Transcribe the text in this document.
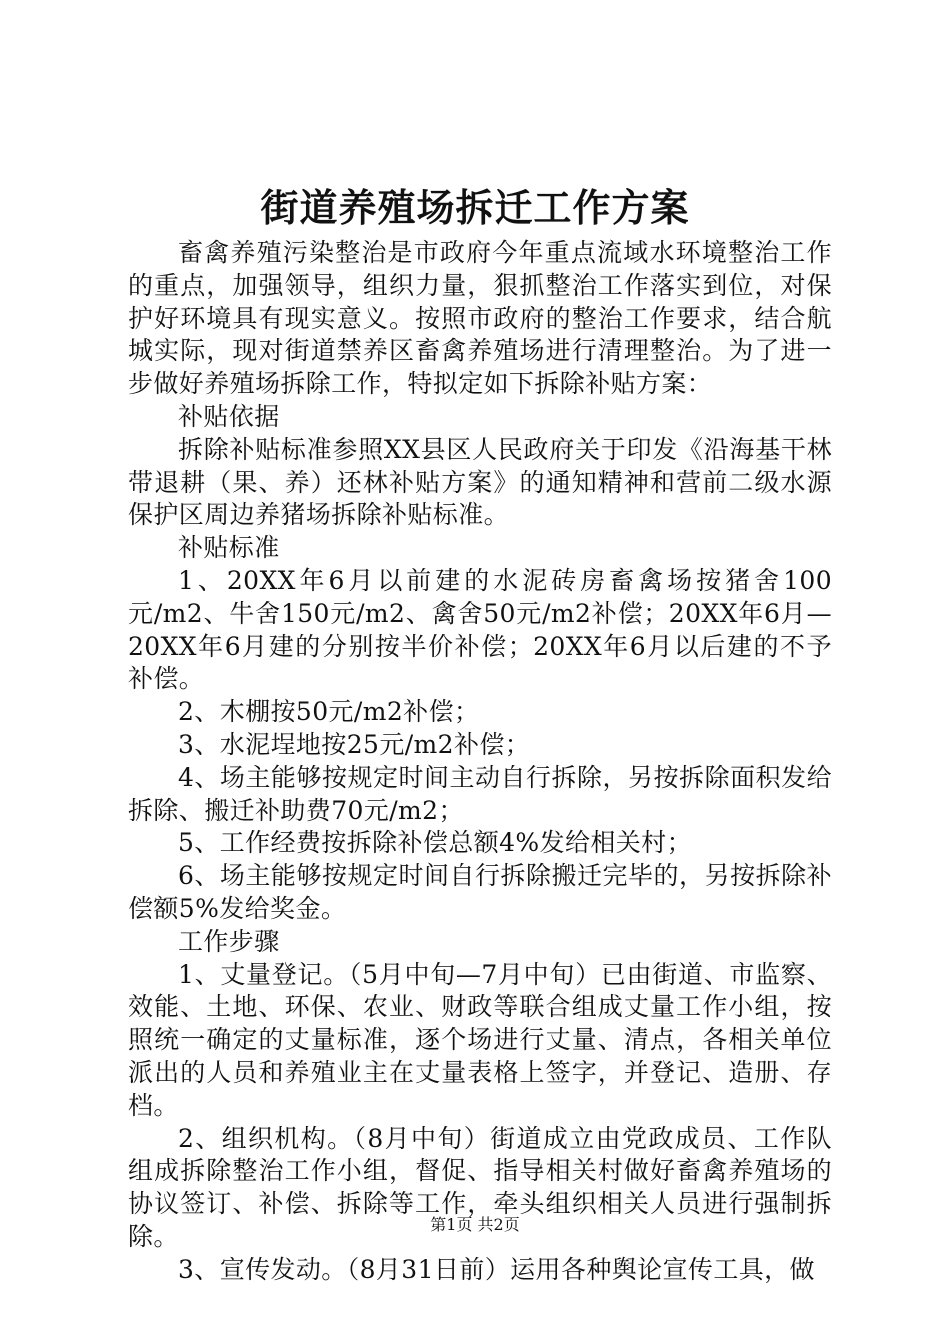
街道养殖场拆迁工作方案

畜禽养殖污染整治是市政府今年重点流域水环境整治工作的重点，加强领导，组织力量，狠抓整治工作落实到位，对保护好环境具有现实意义。按照市政府的整治工作要求，结合航城实际，现对街道禁养区畜禽养殖场进行清理整治。为了进一步做好养殖场拆除工作，特拟定如下拆除补贴方案：

补贴依据

拆除补贴标准参照XX县区人民政府关于印发《沿海基干林带退耕（果、养）还林补贴方案》的通知精神和营前二级水源保护区周边养猪场拆除补贴标准。

补贴标准

1、20XX年6月以前建的水泥砖房畜禽场按猪舍100元/m2、牛舍150元/m2、禽舍50元/m2补偿；20XX年6月—20XX年6月建的分别按半价补偿；20XX年6月以后建的不予补偿。

2、木棚按50元/m2补偿；

3、水泥埕地按25元/m2补偿；

4、场主能够按规定时间主动自行拆除，另按拆除面积发给拆除、搬迁补助费70元/m2；

5、工作经费按拆除补偿总额4%发给相关村；

6、场主能够按规定时间自行拆除搬迁完毕的，另按拆除补偿额5%发给奖金。

工作步骤

1、丈量登记。（5月中旬—7月中旬）已由街道、市监察、效能、土地、环保、农业、财政等联合组成丈量工作小组，按照统一确定的丈量标准，逐个场进行丈量、清点，各相关单位派出的人员和养殖业主在丈量表格上签字，并登记、造册、存档。

2、组织机构。（8月中旬）街道成立由党政成员、工作队组成拆除整治工作小组，督促、指导相关村做好畜禽养殖场的协议签订、补偿、拆除等工作，牵头组织相关人员进行强制拆除。

3、宣传发动。（8月31日前）运用各种舆论宣传工具，做

第1页 共2页
